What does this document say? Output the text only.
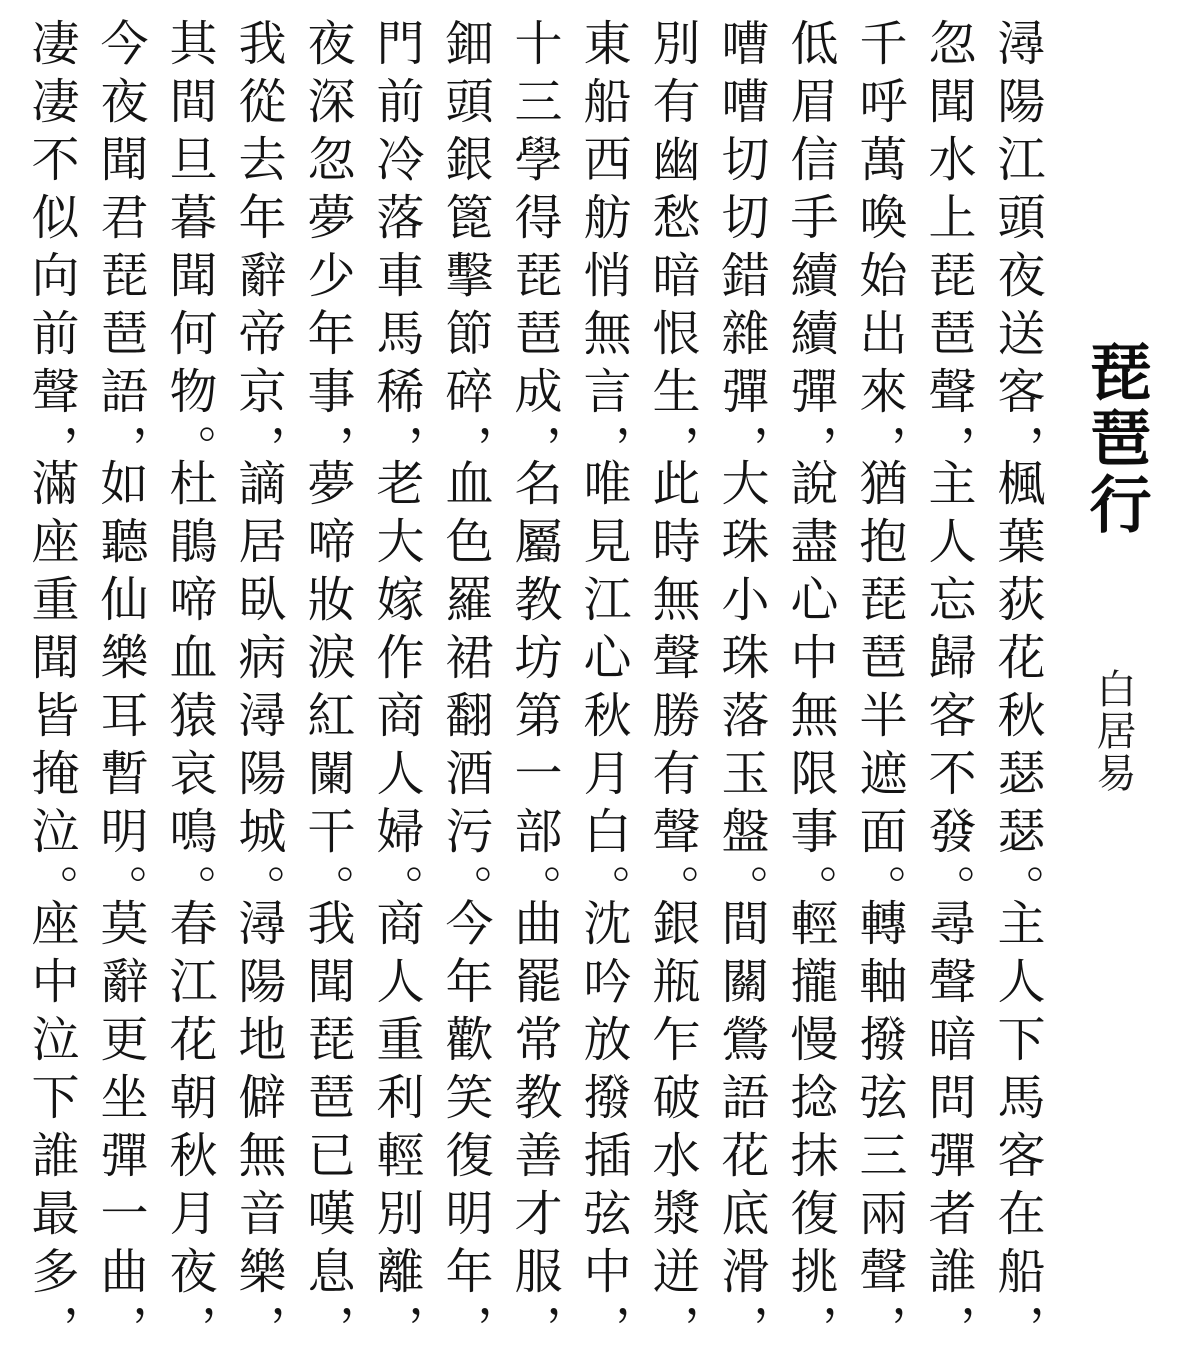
琵琶行
白居易
潯陽江頭夜送客，
楓葉荻花秋瑟瑟。
主人下馬客在船，
忽聞水上琵琶聲，
主人忘歸客不發。
尋聲暗問彈者誰，
千呼萬喚始出來，
猶抱琵琶半遮面。
轉軸撥弦三兩聲，
低眉信手續續彈，
說盡心中無限事。
輕攏慢捻抹復挑，
嘈嘈切切錯雜彈，
大珠小珠落玉盤。
間關鶯語花底滑，
別有幽愁暗恨生，
此時無聲勝有聲。
銀瓶乍破水漿迸，
東船西舫悄無言，
唯見江心秋月白。
沈吟放撥插弦中，
十三學得琵琶成，
名屬教坊第一部。
曲罷常教善才服，
鈿頭銀篦擊節碎，
血色羅裙翻酒污。
今年歡笑復明年，
門前冷落車馬稀，
老大嫁作商人婦。
商人重利輕別離，
夜深忽夢少年事，
夢啼妝淚紅闌干。
我聞琵琶已嘆息，
我從去年辭帝京，
謫居臥病潯陽城。
潯陽地僻無音樂，
其間旦暮聞何物。
杜鵑啼血猿哀鳴。
春江花朝秋月夜，
今夜聞君琵琶語，
如聽仙樂耳暫明。
莫辭更坐彈一曲，
凄凄不似向前聲，
滿座重聞皆掩泣。
座中泣下誰最多，
